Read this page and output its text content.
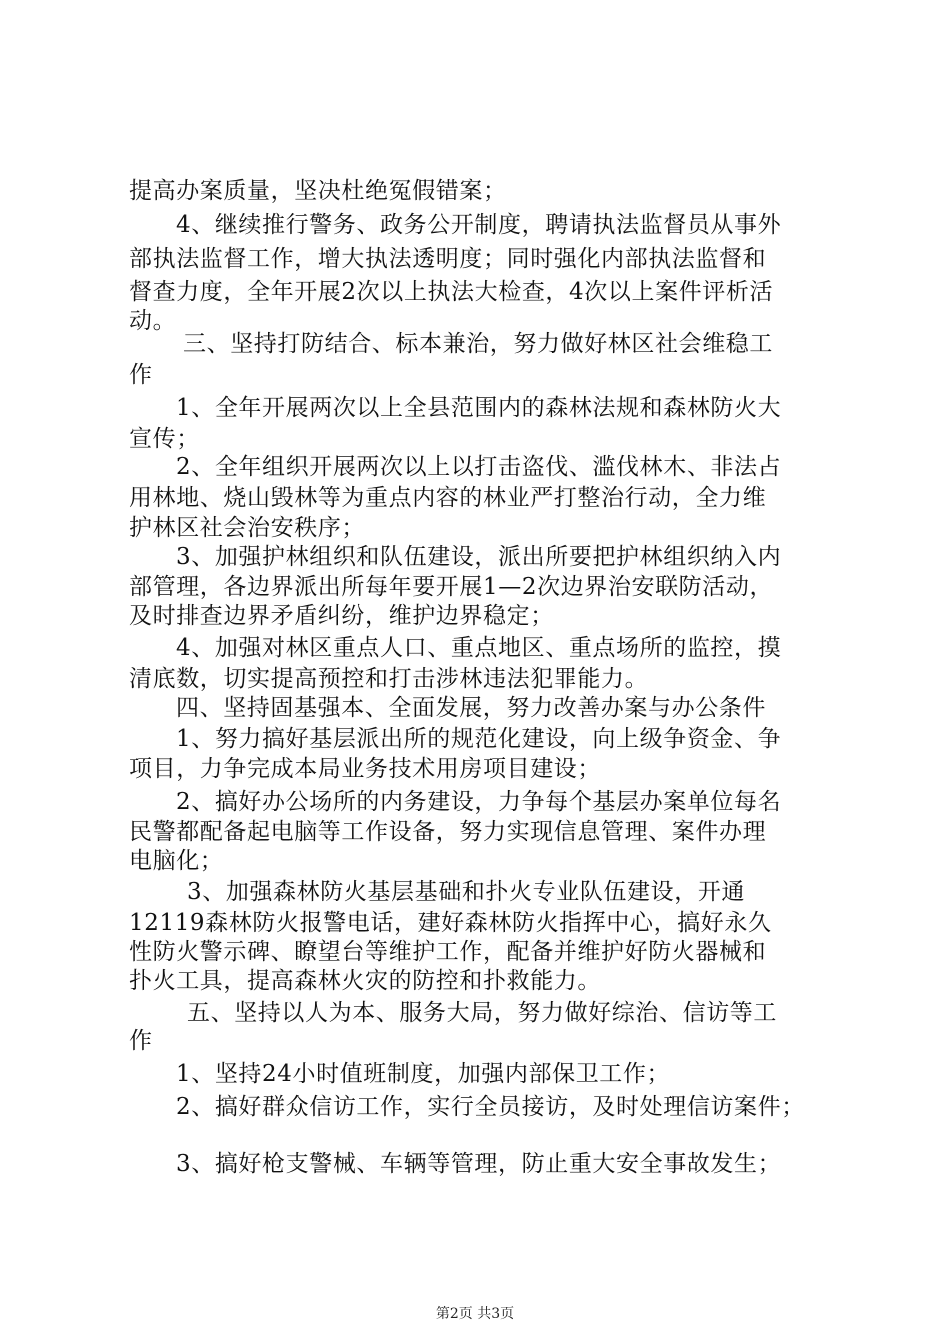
提高办案质量，坚决杜绝冤假错案；
4、继续推行警务、政务公开制度，聘请执法监督员从事外
部执法监督工作，增大执法透明度；同时强化内部执法监督和
督查力度，全年开展2次以上执法大检查，4次以上案件评析活
动。
三、坚持打防结合、标本兼治，努力做好林区社会维稳工
作
1、全年开展两次以上全县范围内的森林法规和森林防火大
宣传；
2、全年组织开展两次以上以打击盗伐、滥伐林木、非法占
用林地、烧山毁林等为重点内容的林业严打整治行动，全力维
护林区社会治安秩序；
3、加强护林组织和队伍建设，派出所要把护林组织纳入内
部管理，各边界派出所每年要开展1—2次边界治安联防活动，
及时排查边界矛盾纠纷，维护边界稳定；
4、加强对林区重点人口、重点地区、重点场所的监控，摸
清底数，切实提高预控和打击涉林违法犯罪能力。
四、坚持固基强本、全面发展，努力改善办案与办公条件
1、努力搞好基层派出所的规范化建设，向上级争资金、争
项目，力争完成本局业务技术用房项目建设；
2、搞好办公场所的内务建设，力争每个基层办案单位每名
民警都配备起电脑等工作设备，努力实现信息管理、案件办理
电脑化；
3、加强森林防火基层基础和扑火专业队伍建设，开通
12119森林防火报警电话，建好森林防火指挥中心，搞好永久
性防火警示碑、瞭望台等维护工作，配备并维护好防火器械和
扑火工具，提高森林火灾的防控和扑救能力。
五、坚持以人为本、服务大局，努力做好综治、信访等工
作
1、坚持24小时值班制度，加强内部保卫工作；
2、搞好群众信访工作，实行全员接访，及时处理信访案件；
3、搞好枪支警械、车辆等管理，防止重大安全事故发生；
第2页 共3页
